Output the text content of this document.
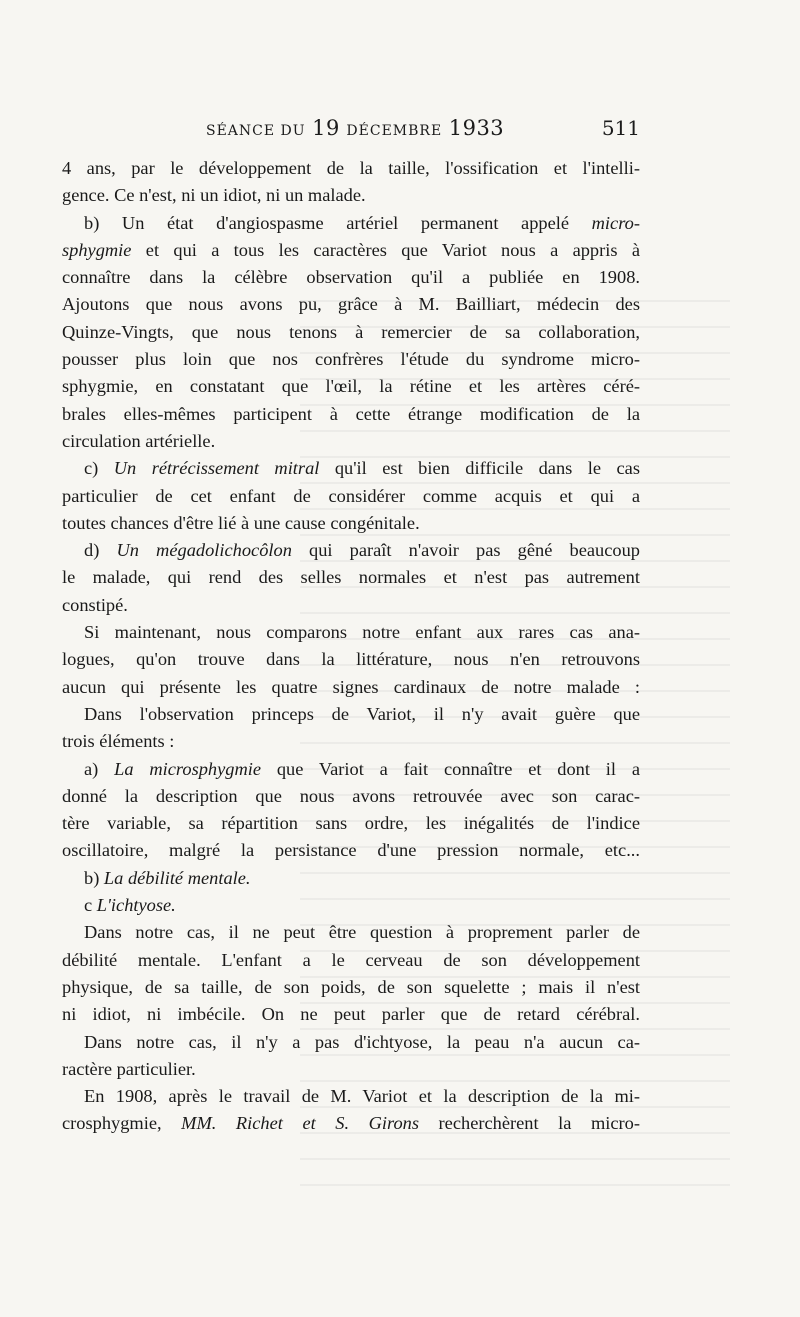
SÉANCE DU 19 DÉCEMBRE 1933	511

4 ans, par le développement de la taille, l'ossification et l'intelli-

gence. Ce n'est, ni un idiot, ni un malade.

b) Un état d'angiospasme artériel permanent appelé micro-

sphygmie et qui a tous les caractères que Variot nous a appris à

connaître dans la célèbre observation qu'il a publiée en 1908.

Ajoutons que nous avons pu, grâce à M. Bailliart, médecin des

Quinze-Vingts, que nous tenons à remercier de sa collaboration,

pousser plus loin que nos confrères l'étude du syndrome micro-

sphygmie, en constatant que l'œil, la rétine et les artères céré-

brales elles-mêmes participent à cette étrange modification de la

circulation artérielle.

c) Un rétrécissement mitral qu'il est bien difficile dans le cas

particulier de cet enfant de considérer comme acquis et qui a

toutes chances d'être lié à une cause congénitale.

d) Un mégadolichocôlon qui paraît n'avoir pas gêné beaucoup

le malade, qui rend des selles normales et n'est pas autrement

constipé.

Si maintenant, nous comparons notre enfant aux rares cas ana-

logues, qu'on trouve dans la littérature, nous n'en retrouvons

aucun qui présente les quatre signes cardinaux de notre malade :

Dans l'observation princeps de Variot, il n'y avait guère que

trois éléments :

a) La microsphygmie que Variot a fait connaître et dont il a

donné la description que nous avons retrouvée avec son carac-

tère variable, sa répartition sans ordre, les inégalités de l'indice

oscillatoire, malgré la persistance d'une pression normale, etc...

b) La débilité mentale.

c L'ichtyose.

Dans notre cas, il ne peut être question à proprement parler de

débilité mentale. L'enfant a le cerveau de son développement

physique, de sa taille, de son poids, de son squelette ; mais il n'est

ni idiot, ni imbécile. On ne peut parler que de retard cérébral.

Dans notre cas, il n'y a pas d'ichtyose, la peau n'a aucun ca-

ractère particulier.

En 1908, après le travail de M. Variot et la description de la mi-

crosphygmie, MM. Richet et S. Girons recherchèrent la micro-
